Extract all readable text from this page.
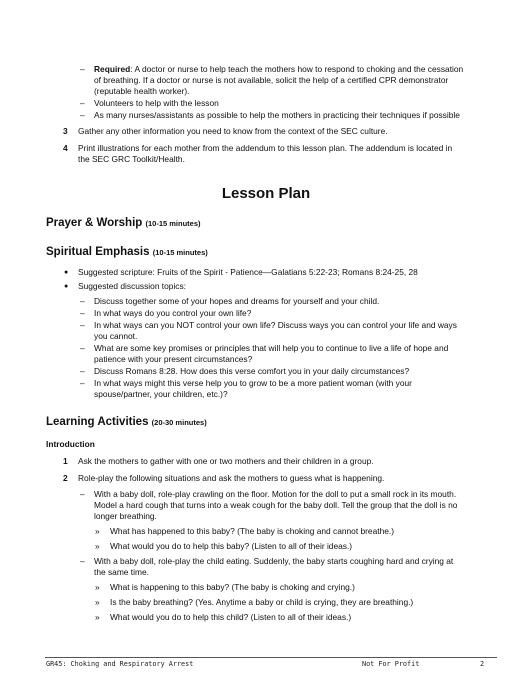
– Required: A doctor or nurse to help teach the mothers how to respond to choking and the cessation
of breathing. If a doctor or nurse is not available, solicit the help of a certified CPR demonstrator
(reputable health worker).
– Volunteers to help with the lesson
– As many nurses/assistants as possible to help the mothers in practicing their techniques if possible
3 Gather any other information you need to know from the context of the SEC culture.
4 Print illustrations for each mother from the addendum to this lesson plan. The addendum is located in
the SEC GRC Toolkit/Health.
Lesson Plan
Prayer & Worship (10-15 minutes)
Spiritual Emphasis (10-15 minutes)
● Suggested scripture: Fruits of the Spirit - Patience—Galatians 5:22-23; Romans 8:24-25, 28
● Suggested discussion topics:
– Discuss together some of your hopes and dreams for yourself and your child.
– In what ways do you control your own life?
– In what ways can you NOT control your own life? Discuss ways you can control your life and ways
you cannot.
– What are some key promises or principles that will help you to continue to live a life of hope and
patience with your present circumstances?
– Discuss Romans 8:28. How does this verse comfort you in your daily circumstances?
– In what ways might this verse help you to grow to be a more patient woman (with your
spouse/partner, your children, etc.)?
Learning Activities (20-30 minutes)
Introduction
1 Ask the mothers to gather with one or two mothers and their children in a group.
2 Role-play the following situations and ask the mothers to guess what is happening.
– With a baby doll, role-play crawling on the floor. Motion for the doll to put a small rock in its mouth.
Model a hard cough that turns into a weak cough for the baby doll. Tell the group that the doll is no
longer breathing.
» What has happened to this baby? (The baby is choking and cannot breathe.)
» What would you do to help this baby? (Listen to all of their ideas.)
– With a baby doll, role-play the child eating. Suddenly, the baby starts coughing hard and crying at
the same time.
» What is happening to this baby? (The baby is choking and crying.)
» Is the baby breathing? (Yes. Anytime a baby or child is crying, they are breathing.)
» What would you do to help this child? (Listen to all of their ideas.)
GR45: Choking and Respiratory Arrest	Not For Profit	2
